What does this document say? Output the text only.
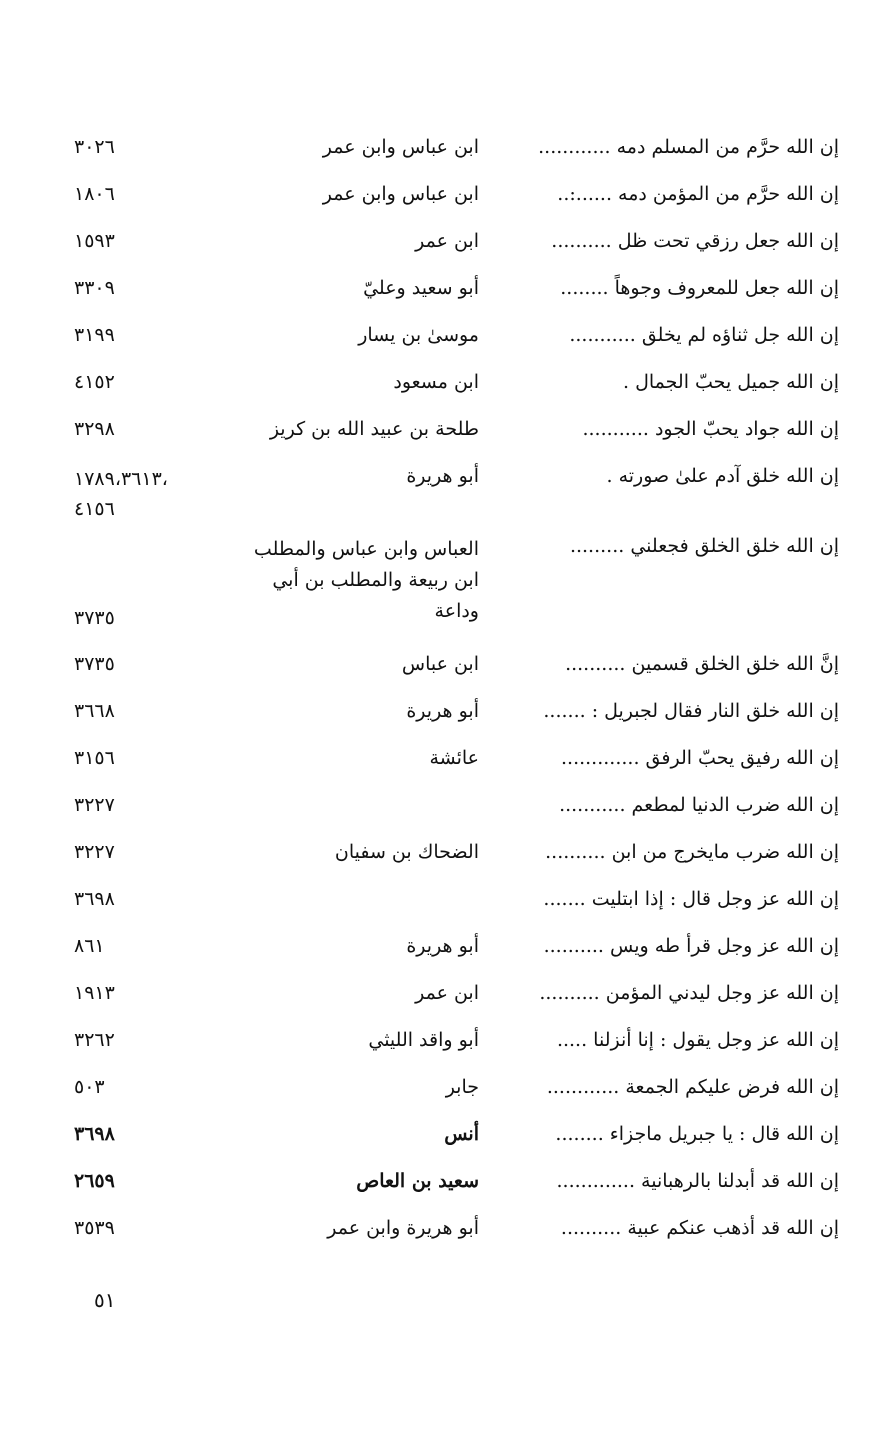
إن الله حرَّم من المسلم دمه ............
ابن عباس وابن عمر
٣٠٢٦
إن الله حرَّم من المؤمن دمه ......:..
ابن عباس وابن عمر
١٨٠٦
إن الله جعل رزقي تحت ظل ..........
ابن عمر
١٥٩٣
إن الله جعل للمعروف وجوهاً ........
أبو سعيد وعليّ
٣٣٠٩
إن الله جل ثناؤه لم يخلق ...........
موسىٰ بن يسار
٣١٩٩
إن الله جميل يحبّ الجمال .
ابن مسعود
٤١٥٢
إن الله جواد يحبّ الجود ...........
طلحة بن عبيد الله بن كريز
٣٢٩٨
إن الله خلق آدم علىٰ صورته .
أبو هريرة
١٧٨٩،٣٦١٣،
٤١٥٦
إن الله خلق الخلق فجعلني .........
العباس وابن عباس والمطلب ابن ربيعة والمطلب بن أبي وداعة
٣٧٣٥
إنَّ الله خلق الخلق قسمين ..........
ابن عباس
٣٧٣٥
إن الله خلق النار فقال لجبريل : .......
أبو هريرة
٣٦٦٨
إن الله رفيق يحبّ الرفق .............
عائشة
٣١٥٦
إن الله ضرب الدنيا لمطعم ...........
٣٢٢٧
إن الله ضرب مايخرج من ابن ..........
الضحاك بن سفيان
٣٢٢٧
إن الله عز وجل قال : إذا ابتليت .......
٣٦٩٨
إن الله عز وجل قرأ طه ويس ..........
أبو هريرة
٨٦١
إن الله عز وجل ليدني المؤمن ..........
ابن عمر
١٩١٣
إن الله عز وجل يقول : إنا أنزلنا .....
أبو واقد الليثي
٣٢٦٢
إن الله فرض عليكم الجمعة ............
جابر
٥٠٣
إن الله قال : يا جبريل ماجزاء ........
أنس
٣٦٩٨
إن الله قد أبدلنا بالرهبانية .............
سعيد بن العاص
٢٦٥٩
إن الله قد أذهب عنكم عبية ..........
أبو هريرة وابن عمر
٣٥٣٩
٥١
